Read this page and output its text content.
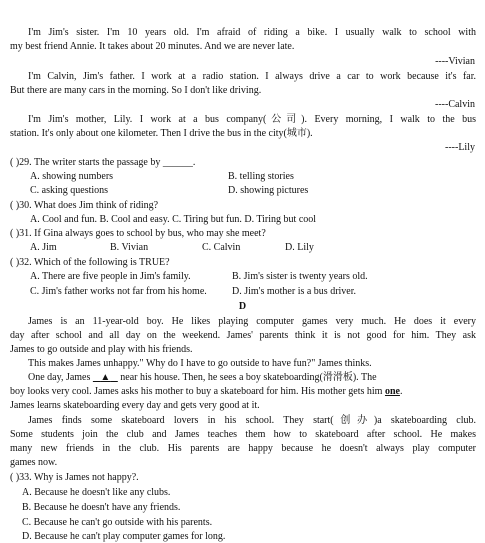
I'm Jim's sister. I'm 10 years old. I'm afraid of riding a bike. I usually walk to school with
my best friend Annie. It takes about 20 minutes. And we are never late.
----Vivian
I'm Calvin, Jim's father. I work at a radio station. I always drive a car to work because it's far.
But there are many cars in the morning. So I don't like driving.
----Calvin
I'm Jim's mother, Lily. I work at a bus company(公司). Every morning, I walk to the bus
station. It's only about one kilometer. Then I drive the bus in the city(城市).
----Lily
( )29. The writer starts the passage by ______.
A. showing numbers	B. telling stories
C. asking questions	D. showing pictures
( )30. What does Jim think of riding?
A. Cool and fun. B. Cool and easy. C. Tiring but fun. D. Tiring but cool
( )31. If Gina always goes to school by bus, who may she meet?
A. Jim	B. Vivian	C. Calvin	D. Lily
( )32. Which of the following is TRUE?
A. There are five people in Jim's family.	B. Jim's sister is twenty years old.
C. Jim's father works not far from his home.	D. Jim's mother is a bus driver.
D
James is an 11-year-old boy. He likes playing computer games very much. He does it every
day after school and all day on the weekend. James' parents think it is not good for him. They ask
James to go outside and play with his friends.
This makes James unhappy." Why do I have to go outside to have fun?" James thinks.
One day, James    ▲    near his house. Then, he sees a boy skateboarding(滑滑板). The
boy looks very cool. James asks his mother to buy a skateboard for him. His mother gets him one.
James learns skateboarding every day and gets very good at it.
James finds some skateboard lovers in his school. They start(创办)a skateboarding club.
Some students join the club and James teaches them how to skateboard after school. He makes
many new friends in the club. His parents are happy because he doesn't always play computer
games now.
( )33. Why is James not happy?.
A. Because he doesn't like any clubs.
B. Because he doesn't have any friends.
C. Because he can't go outside with his parents.
D. Because he can't play computer games for long.
